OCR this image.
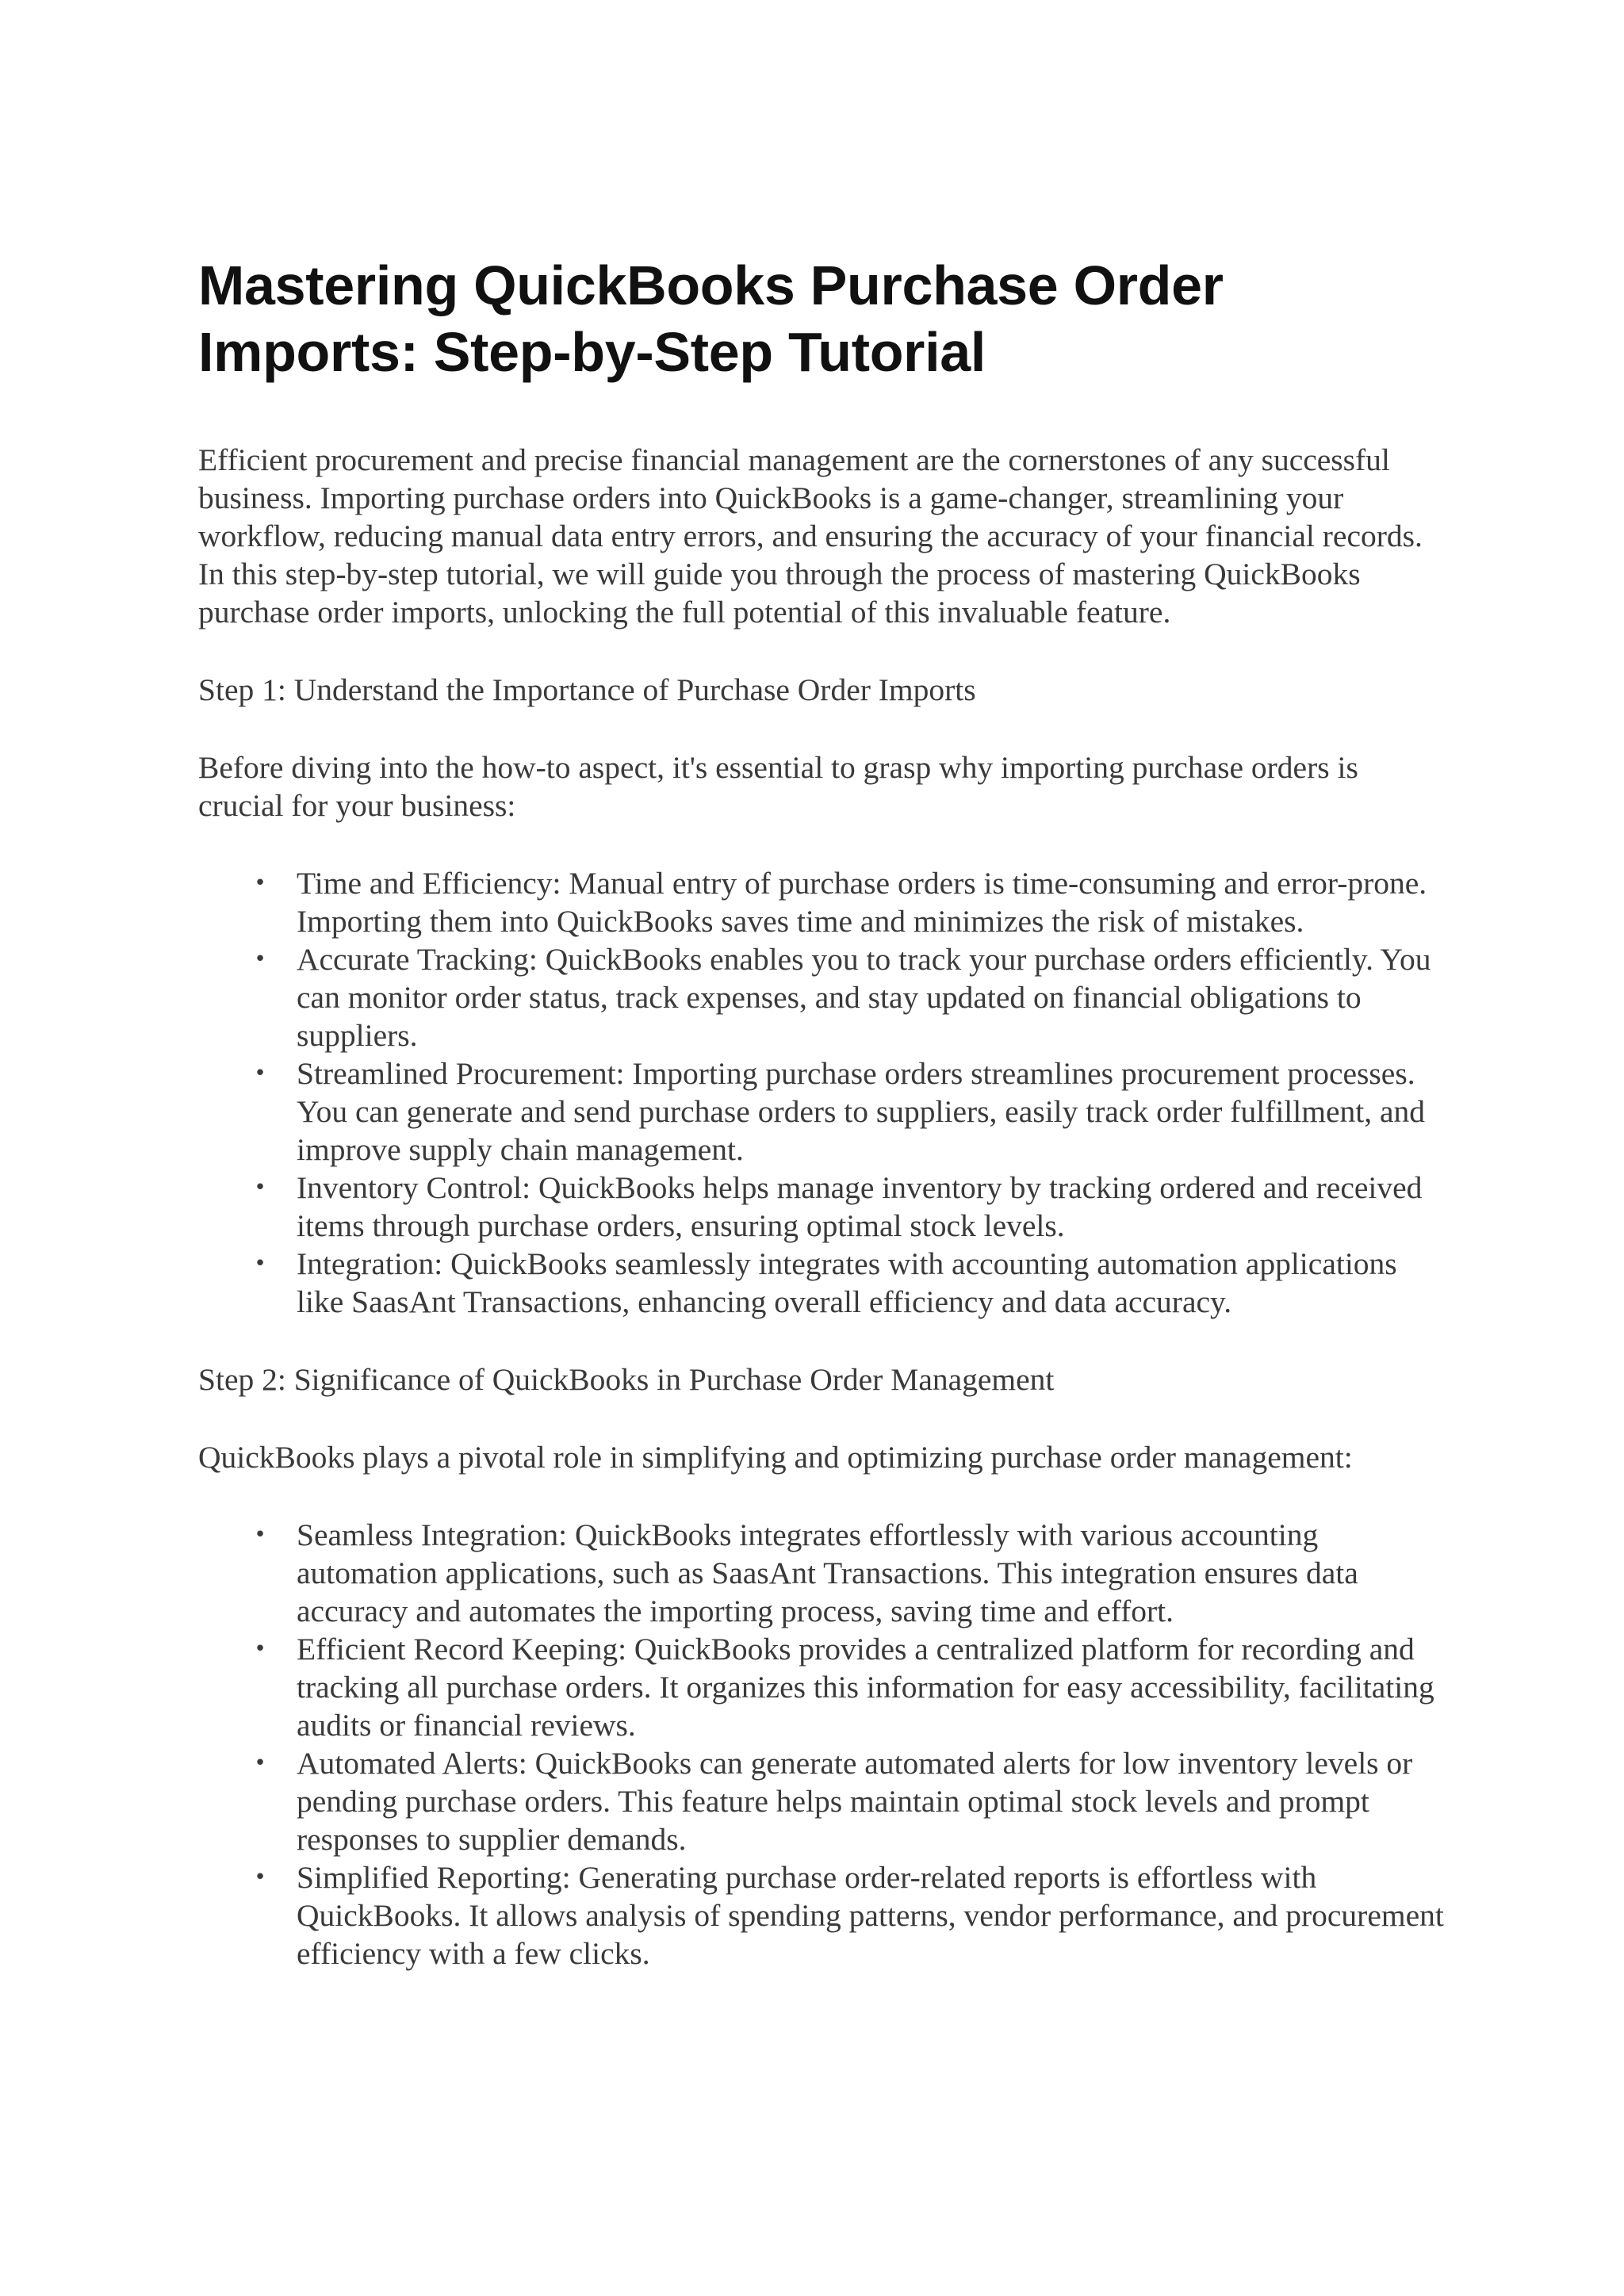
Mastering QuickBooks Purchase Order Imports: Step-by-Step Tutorial

Efficient procurement and precise financial management are the cornerstones of any successful business. Importing purchase orders into QuickBooks is a game-changer, streamlining your workflow, reducing manual data entry errors, and ensuring the accuracy of your financial records. In this step-by-step tutorial, we will guide you through the process of mastering QuickBooks purchase order imports, unlocking the full potential of this invaluable feature.

Step 1: Understand the Importance of Purchase Order Imports

Before diving into the how-to aspect, it's essential to grasp why importing purchase orders is crucial for your business:

• Time and Efficiency: Manual entry of purchase orders is time-consuming and error-prone. Importing them into QuickBooks saves time and minimizes the risk of mistakes.
• Accurate Tracking: QuickBooks enables you to track your purchase orders efficiently. You can monitor order status, track expenses, and stay updated on financial obligations to suppliers.
• Streamlined Procurement: Importing purchase orders streamlines procurement processes. You can generate and send purchase orders to suppliers, easily track order fulfillment, and improve supply chain management.
• Inventory Control: QuickBooks helps manage inventory by tracking ordered and received items through purchase orders, ensuring optimal stock levels.
• Integration: QuickBooks seamlessly integrates with accounting automation applications like SaasAnt Transactions, enhancing overall efficiency and data accuracy.

Step 2: Significance of QuickBooks in Purchase Order Management

QuickBooks plays a pivotal role in simplifying and optimizing purchase order management:

• Seamless Integration: QuickBooks integrates effortlessly with various accounting automation applications, such as SaasAnt Transactions. This integration ensures data accuracy and automates the importing process, saving time and effort.
• Efficient Record Keeping: QuickBooks provides a centralized platform for recording and tracking all purchase orders. It organizes this information for easy accessibility, facilitating audits or financial reviews.
• Automated Alerts: QuickBooks can generate automated alerts for low inventory levels or pending purchase orders. This feature helps maintain optimal stock levels and prompt responses to supplier demands.
• Simplified Reporting: Generating purchase order-related reports is effortless with QuickBooks. It allows analysis of spending patterns, vendor performance, and procurement efficiency with a few clicks.
